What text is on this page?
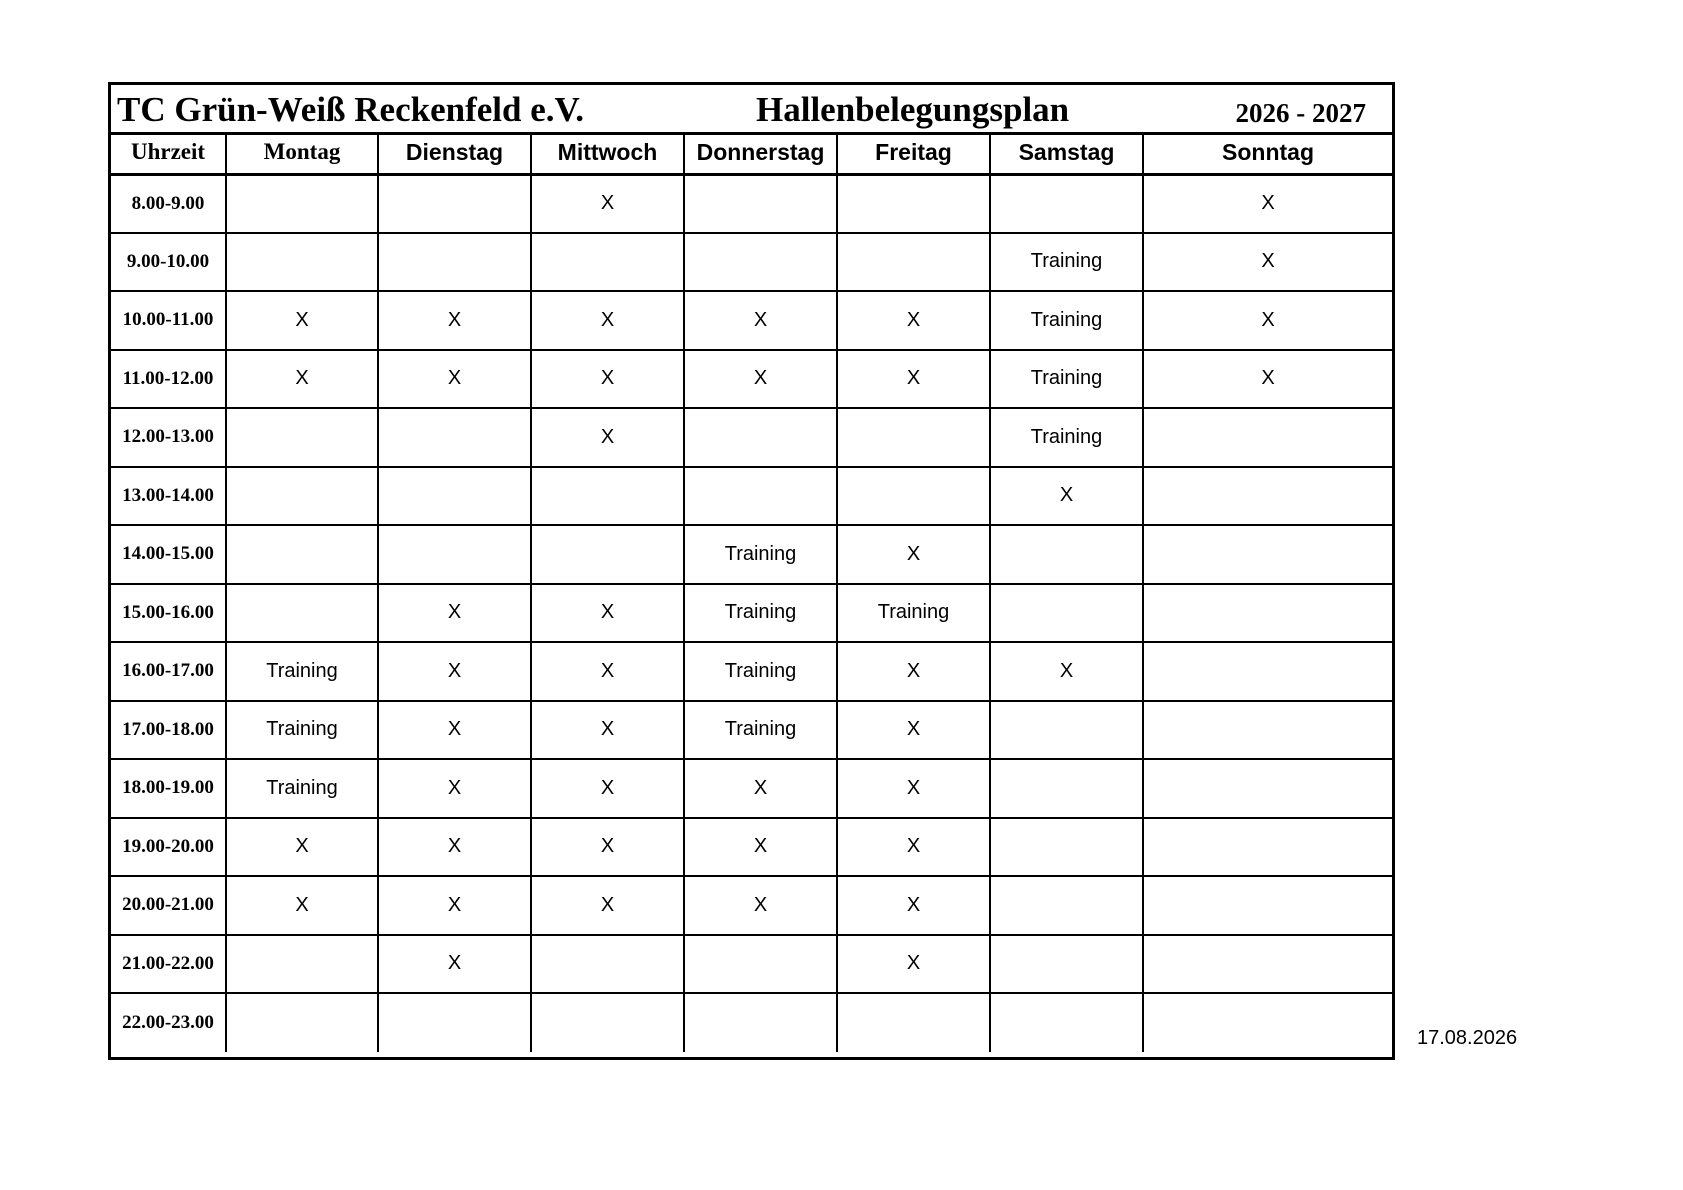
TC Grün-Weiß Reckenfeld e.V.	Hallenbelegungsplan	2026 - 2027
Uhrzeit	Montag	Dienstag	Mittwoch	Donnerstag	Freitag	Samstag	Sonntag
8.00-9.00			X				X
9.00-10.00						Training	X
10.00-11.00	X	X	X	X	X	Training	X
11.00-12.00	X	X	X	X	X	Training	X
12.00-13.00			X			Training	
13.00-14.00						X	
14.00-15.00				Training	X		
15.00-16.00		X	X	Training	Training		
16.00-17.00	Training	X	X	Training	X	X	
17.00-18.00	Training	X	X	Training	X		
18.00-19.00	Training	X	X	X	X		
19.00-20.00	X	X	X	X	X		
20.00-21.00	X	X	X	X	X		
21.00-22.00		X			X		
22.00-23.00							
17.08.2026
